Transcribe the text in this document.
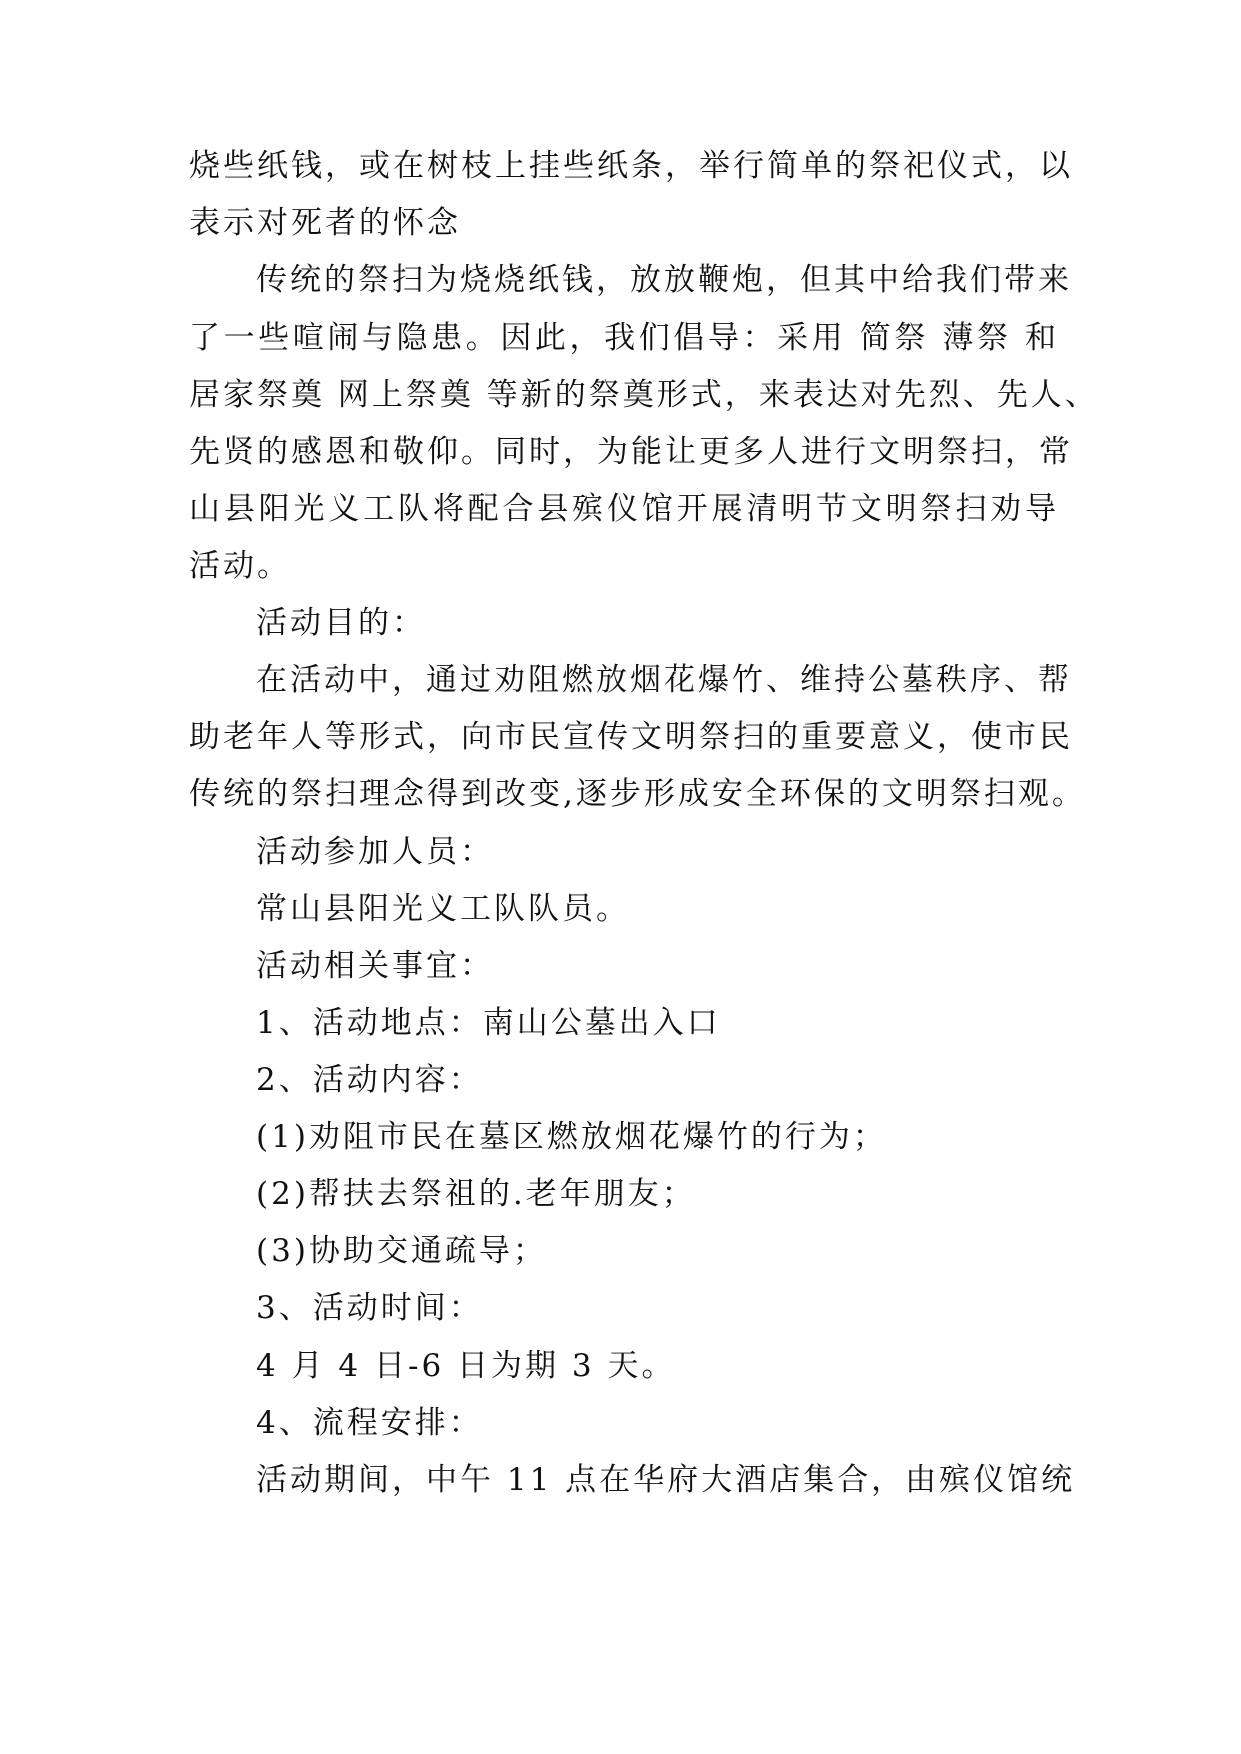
烧些纸钱，或在树枝上挂些纸条，举行简单的祭祀仪式，以
表示对死者的怀念
传统的祭扫为烧烧纸钱，放放鞭炮，但其中给我们带来
了一些喧闹与隐患。因此，我们倡导：采用 简祭 薄祭 和
居家祭奠 网上祭奠 等新的祭奠形式，来表达对先烈、先人、
先贤的感恩和敬仰。同时，为能让更多人进行文明祭扫，常
山县阳光义工队将配合县殡仪馆开展清明节文明祭扫劝导
活动。
活动目的：
在活动中，通过劝阻燃放烟花爆竹、维持公墓秩序、帮
助老年人等形式，向市民宣传文明祭扫的重要意义，使市民
传统的祭扫理念得到改变,逐步形成安全环保的文明祭扫观。
活动参加人员：
常山县阳光义工队队员。
活动相关事宜：
1、活动地点：南山公墓出入口
2、活动内容：
(1)劝阻市民在墓区燃放烟花爆竹的行为；
(2)帮扶去祭祖的.老年朋友；
(3)协助交通疏导；
3、活动时间：
4 月 4 日-6 日为期 3 天。
4、流程安排：
活动期间，中午 11 点在华府大酒店集合，由殡仪馆统
